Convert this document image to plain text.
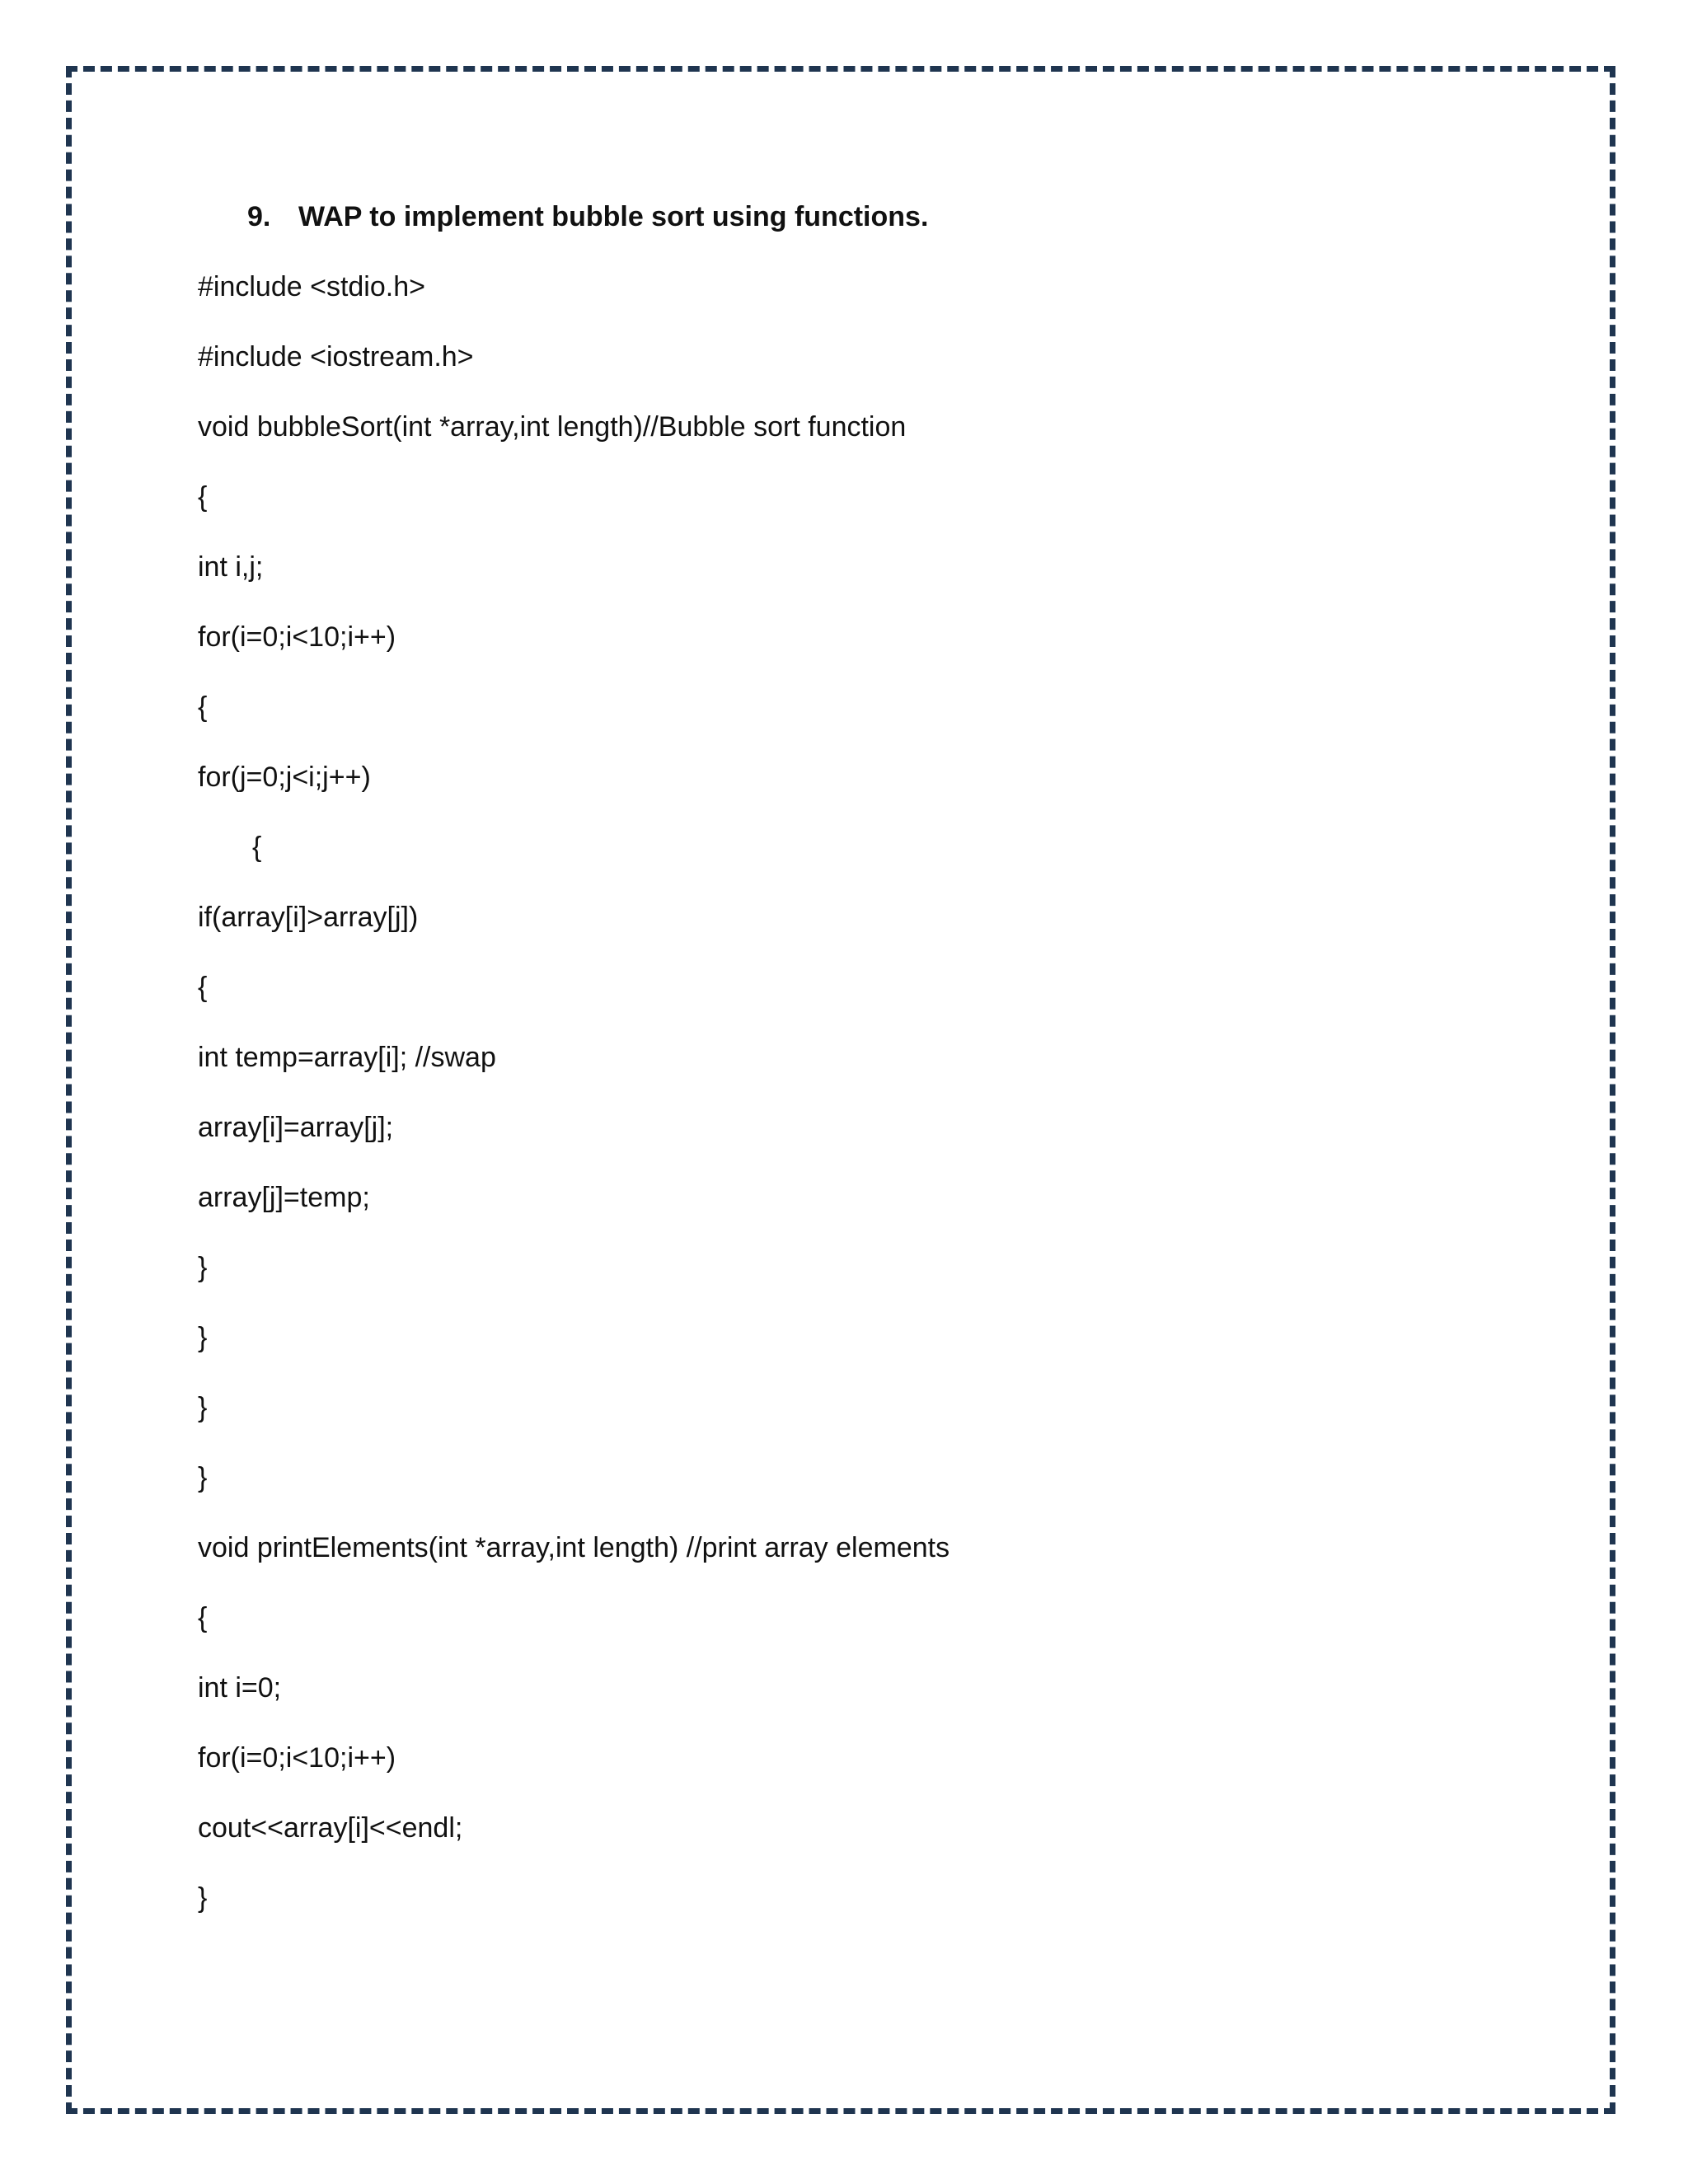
9. WAP to implement bubble sort using functions.
#include <stdio.h>
#include <iostream.h>
void bubbleSort(int *array,int length)//Bubble sort function
{
int i,j;
for(i=0;i<10;i++)
{
for(j=0;j<i;j++)
{
if(array[i]>array[j])
{
int temp=array[i]; //swap
array[i]=array[j];
array[j]=temp;
}
}
}
}
void printElements(int *array,int length) //print array elements
{
int i=0;
for(i=0;i<10;i++)
cout<<array[i]<<endl;
}
